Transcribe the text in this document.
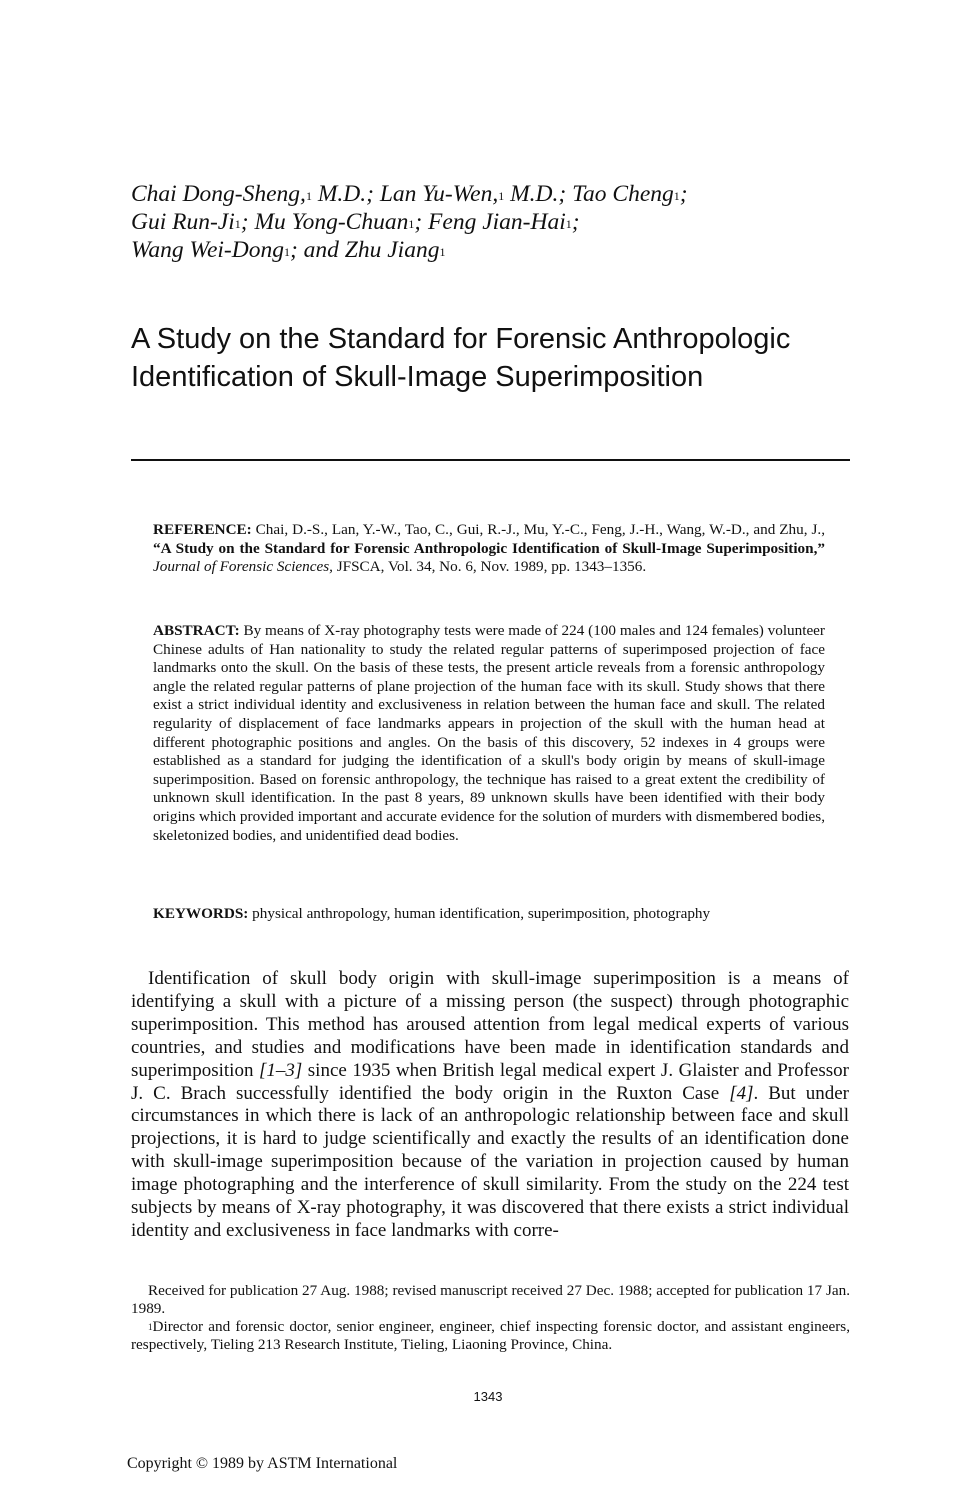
Chai Dong-Sheng,$^1$ M.D.; Lan Yu-Wen,$^1$ M.D.; Tao Cheng$^1$;
Gui Run-Ji$^1$; Mu Yong-Chuan$^1$; Feng Jian-Hai$^1$;
Wang Wei-Dong$^1$; and Zhu Jiang$^1$
A Study on the Standard for Forensic Anthropologic Identification of Skull-Image Superimposition
REFERENCE: Chai, D.-S., Lan, Y.-W., Tao, C., Gui, R.-J., Mu, Y.-C., Feng, J.-H., Wang, W.-D., and Zhu, J., “A Study on the Standard for Forensic Anthropologic Identification of Skull-Image Superimposition,” Journal of Forensic Sciences, JFSCA, Vol. 34, No. 6, Nov. 1989, pp. 1343–1356.
ABSTRACT: By means of X-ray photography tests were made of 224 (100 males and 124 females) volunteer Chinese adults of Han nationality to study the related regular patterns of superimposed projection of face landmarks onto the skull. On the basis of these tests, the present article reveals from a forensic anthropology angle the related regular patterns of plane projection of the human face with its skull. Study shows that there exist a strict individual identity and exclusiveness in relation between the human face and skull. The related regularity of displacement of face landmarks appears in projection of the skull with the human head at different photographic positions and angles. On the basis of this discovery, 52 indexes in 4 groups were established as a standard for judging the identification of a skull's body origin by means of skull-image superimposition. Based on forensic anthropology, the technique has raised to a great extent the credibility of unknown skull identification. In the past 8 years, 89 unknown skulls have been identified with their body origins which provided important and accurate evidence for the solution of murders with dismembered bodies, skeletonized bodies, and unidentified dead bodies.
KEYWORDS: physical anthropology, human identification, superimposition, photography
Identification of skull body origin with skull-image superimposition is a means of identifying a skull with a picture of a missing person (the suspect) through photographic superimposition. This method has aroused attention from legal medical experts of various countries, and studies and modifications have been made in identification standards and superimposition [1–3] since 1935 when British legal medical expert J. Glaister and Professor J. C. Brach successfully identified the body origin in the Ruxton Case [4]. But under circumstances in which there is lack of an anthropologic relationship between face and skull projections, it is hard to judge scientifically and exactly the results of an identification done with skull-image superimposition because of the variation in projection caused by human image photographing and the interference of skull similarity. From the study on the 224 test subjects by means of X-ray photography, it was discovered that there exists a strict individual identity and exclusiveness in face landmarks with corre-

Received for publication 27 Aug. 1988; revised manuscript received 27 Dec. 1988; accepted for publication 17 Jan. 1989.

$^1$Director and forensic doctor, senior engineer, engineer, chief inspecting forensic doctor, and assistant engineers, respectively, Tieling 213 Research Institute, Tieling, Liaoning Province, China.

1343
Copyright © 1989 by ASTM International
